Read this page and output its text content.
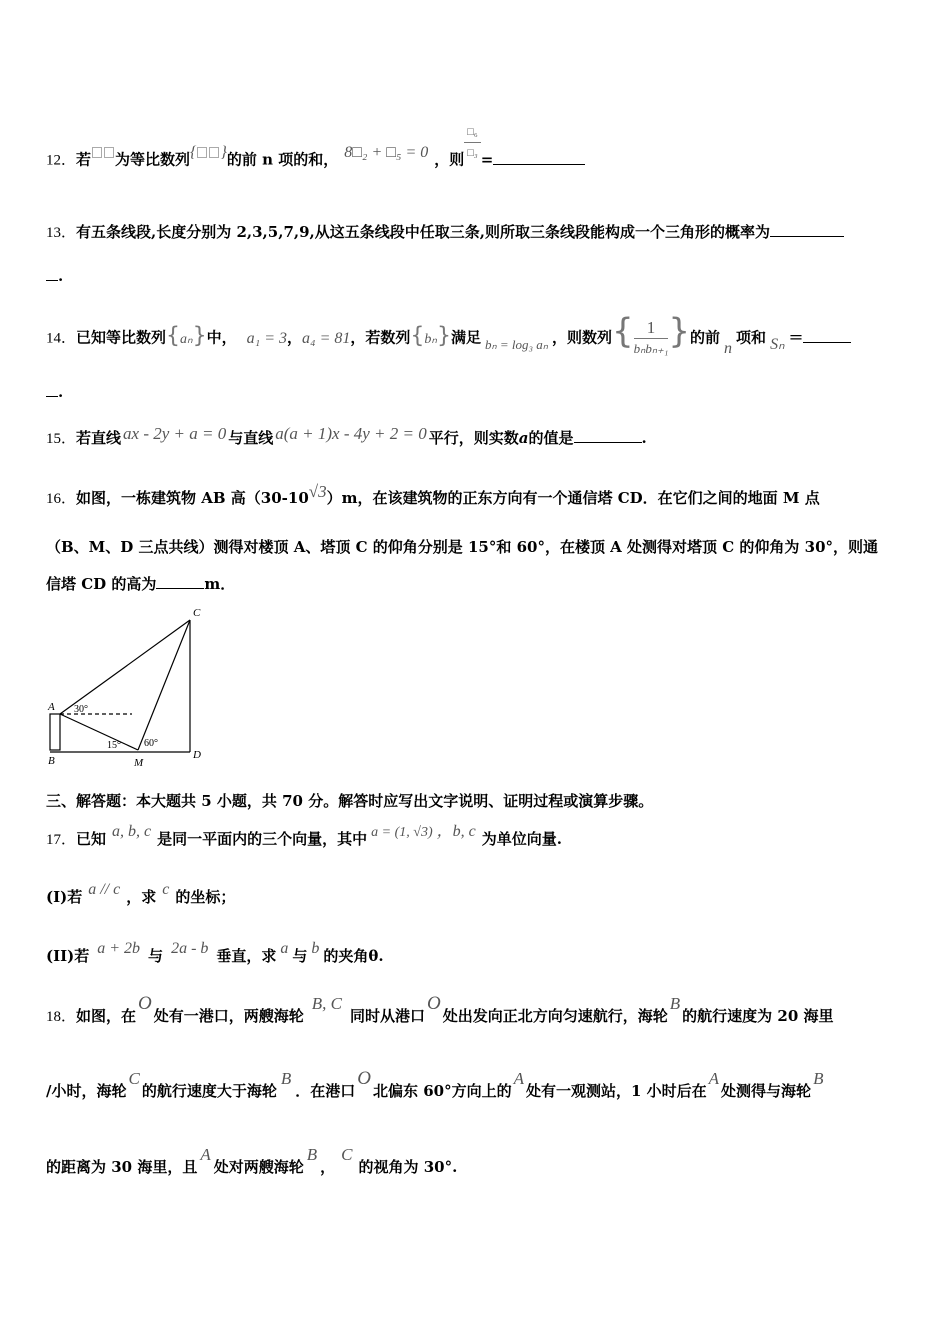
12．若 为等比数列{ }的前 n 项的和， 8□₂ + □₅ = 0 ，则 $\frac{\text{□₆}}{\text{□₃}}$ =
13．有五条线段,长度分别为 2,3,5,7,9,从这五条线段中任取三条,则所取三条线段能构成一个三角形的概率为
.
14．已知等比数列{aₙ}中， a₁ = 3，a₄ = 81，若数列{bₙ}满足 bₙ = log₃ aₙ ，则数列{ $\frac{1}{\text{bₙbₙ₊₁}}$ }的前n项和 Sₙ ＝
.
15．若直线 ax - 2y + a = 0 与直线 a(a + 1)x - 4y + 2 = 0 平行，则实数a的值是	.
16．如图，一栋建筑物 AB 高（30-10√3）m，在该建筑物的正东方向有一个通信塔 CD．在它们之间的地面 M 点
（B、M、D 三点共线）测得对楼顶 A、塔顶 C 的仰角分别是 15°和 60°，在楼顶 A 处测得对塔顶 C 的仰角为 30°，则通
信塔 CD 的高为	m．
A
B
C
D
M
30°
15° 60°
三、解答题：本大题共 5 小题，共 70 分。解答时应写出文字说明、证明过程或演算步骤。
17．已知 a, b, c 是同一平面内的三个向量，其中 a = (1, √3) ，b, c 为单位向量.
(I)若 a // c ，求 c 的坐标；
(II)若 a + 2b 与 2a - b 垂直，求 a 与 b 的夹角θ.
18．如图，在O处有一港口，两艘海轮B, C同时从港口O处出发向正北方向匀速航行，海轮B的航行速度为 20 海里
/小时，海轮C的航行速度大于海轮B．在港口O北偏东 60°方向上的A处有一观测站，1 小时后在A处测得与海轮B
的距离为 30 海里，且A处对两艘海轮B，C的视角为 30°.
